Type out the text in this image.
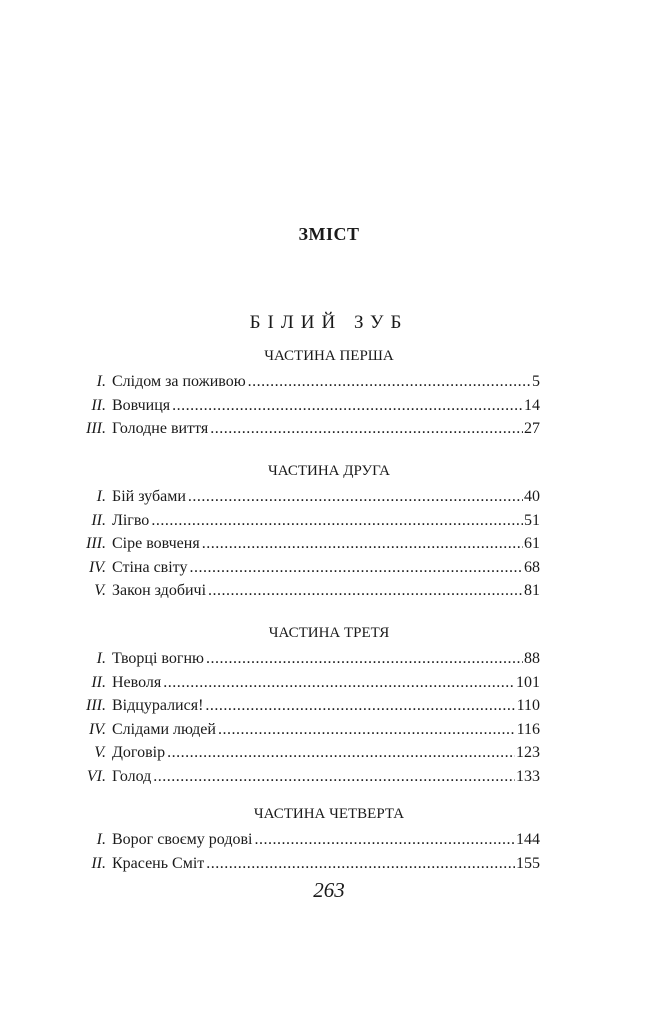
ЗМІСТ
БІЛИЙ ЗУБ
ЧАСТИНА ПЕРША
I. Слідом за поживою .....	5
II. Вовчиця .....	14
III. Голодне виття .....	27
ЧАСТИНА ДРУГА
I. Бій зубами .....	40
II. Лігво .....	51
III. Сіре вовченя .....	61
IV. Стіна світу .....	68
V. Закон здобичі .....	81
ЧАСТИНА ТРЕТЯ
I. Творці вогню .....	88
II. Неволя .....	101
III. Відцуралися! .....	110
IV. Слідами людей .....	116
V. Договір .....	123
VI. Голод .....	133
ЧАСТИНА ЧЕТВЕРТА
I. Ворог своєму родові .....	144
II. Красень Сміт .....	155
263
